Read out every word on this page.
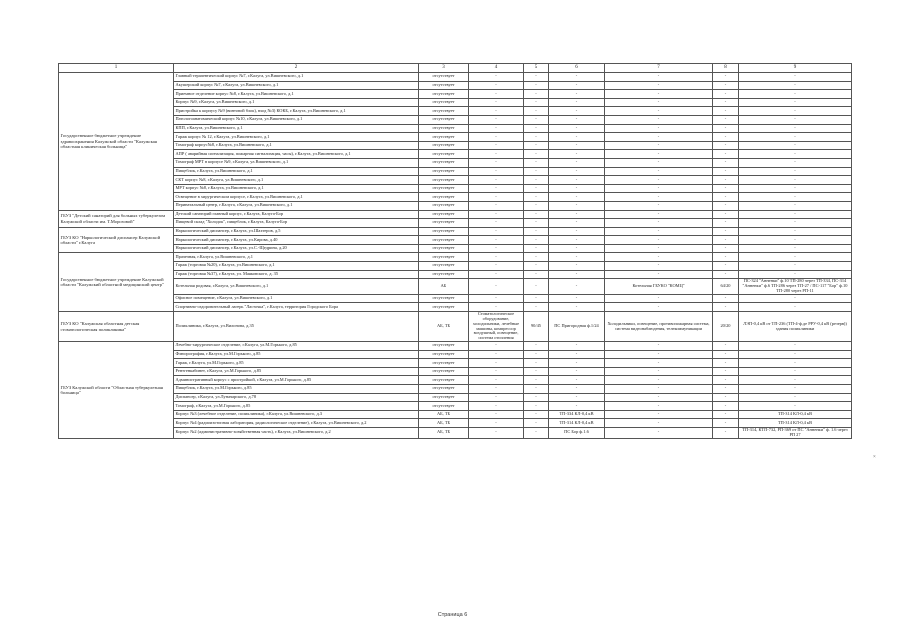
1	2	3	4	5	6	7	8	9
Государственное бюджетное учреждение здравоохранения Калужской области "Калужская областная клиническая больница"	Главный терапевтический корпус №7, г.Калуга, ул.Вишневского, д.1	отсутствует	-	-	-	-	-	-
	Акушерский корпус №7, г.Калуга, ул.Вишневского, д.1	отсутствует	-	-	-	-	-	-
	Приемное отделение корпус №8, г.Калуга, ул.Вишневского, д.1	отсутствует	-	-	-	-	-	-
	Корпус №9, г.Калуга, ул.Вишневского, д.1	отсутствует	-	-	-	-	-	-
	Пристройка к корпусу №9 (винтовой блок), вход №3) КОКБ, г.Калуга, ул.Вишневского, д.1	отсутствует	-	-	-	-	-	-
	Патологоанатомический корпус №10, г.Калуга, ул.Вишневского, д.1	отсутствует	-	-	-	-	-	-
	КПП, г.Калуга, ул.Вишневского, д.1	отсутствует	-	-	-	-	-	-
	Гараж корпус № 12, г.Калуга, ул.Вишневского, д.1	отсутствует	-	-	-	-	-	-
	Томограф корпус№8, г.Калуга, ул.Вишневского, д.1	отсутствует	-	-	-	-	-	-
	АПР ( аварийная сигнализация, пожарная сигнализация, часы), г.Калуга, ул.Вишневского, д.1	отсутствует	-	-	-	-	-	-
	Томограф МРТ в корпусе №9, г.Калуга, ул.Вишневского, д.1	отсутствует	-	-	-	-	-	-
	Пищеблок, г.Калуга, ул.Вишневского, д.1	отсутствует	-	-	-	-	-	-
	СКТ корпус №8, г.Калуга, ул.Вишневского, д.1	отсутствует	-	-	-	-	-	-
	МРТ корпус №8, г.Калуга, ул.Вишневского, д.1	отсутствует	-	-	-	-	-	-
	Освещение в хирургическом корпусе, г.Калуга, ул.Вишневского, д.1	отсутствует	-	-	-	-	-	-
	Перинатальный центр, г.Калуга, г.Калуга, ул.Вишневского, д.1	отсутствует	-	-	-	-	-	-
ГБУЗ "Детский санаторий для больных туберкулезом Калужской области им. Т.Морозовой"	Детский санаторий главный корпус, г.Калуга, Калуга-Бор	отсутствует	-	-	-	-	-	-
	Пищевой склад "Холодок", пищеблок, г.Калуга, Калуга-Бор	отсутствует	-	-	-	-	-	-
ГБУЗ КО "Наркологический диспансер Калужской области" г.Калуга	Наркологический диспансер, г.Калуга, ул.Шахтеров, д.5	отсутствует	-	-	-	-	-	-
	Наркологический диспансер, г.Калуга, ул.Кирова, д.40	отсутствует	-	-	-	-	-	-
	Наркологический диспансер, г.Калуга, ул.С.-Щедрина, д.20	отсутствует	-	-	-	-	-	-
Государственное бюджетное учреждение Калужской области "Калужский областной медицинский центр"	Прачечная, г.Калуга, ул.Вишневского, д.1	отсутствует	-	-	-	-	-	-
	Гараж (торговая №20), г.Калуга, ул.Вишневского, д.1	отсутствует	-	-	-	-	-	-
	Гараж (торговая №37), г.Калуга, ул. Маяковского, д. 35	отсутствует	-	-	-	-	-	-
	Котельная родовая, г.Калуга, ул.Вишневского, д.1	АБ	-	-	-	Котельная ГБУКО "КОМЦ"	64/20	ПС-324 "Анненки" ф.10 ТП-280 через ТП-334, ПС-314 "Анненки" ф.6 ТП-286 через ТП-27 / ПС-117 "Бор" ф.10 ТП-280 через РП-11
	Офисное помещение, г.Калуга, ул.Вишневского, д.1	отсутствует	-	-	-	-	-	-
	Спортивно-оздоровительный лагерь "Ласточка", г.Калуга, территория Городского Бора	отсутствует	-	-	-	-	-	-
ГБУЗ КО "Калужская областная детская стоматологическая поликлиника"	Поликлиника, г.Калуга, ул.Вилонова, д.35	АБ, ТБ	Стоматологическое оборудование, холодильники, лечебные машины, компрессор воздушный, освещение, система отопления	90/45	ПС Пригородная ф.1/24	Холодильники, освещение, противопожарная система, система видеонаблюдения, телекоммуникации	20/20	ЛЭП-0,4 кВ от ТП-236 (ТП-4-ф.де РРУ-0,4 кВ (резерв)) здания поликлиники
ГБУЗ Калужской области "Областная туберкулезная больница"	Лечебно-хирургическое отделение, г.Калуга, ул.М.Горького, д.85	отсутствует	-	-	-	-	-	-
	Флюорография, г.Калуга, ул.М.Горького, д.85	отсутствует	-	-	-	-	-	-
	Гараж, г.Калуга, ул.М.Горького, д.85	отсутствует	-	-	-	-	-	-
	Рентгенкабинет, г.Калуга, ул.М.Горького, д.85	отсутствует	-	-	-	-	-	-
	Административный корпус с пристройкой, г.Калуга, ул.М.Горького, д.85	отсутствует	-	-	-	-	-	-
	Пищеблок, г.Калуга, ул.М.Горького, д.85	отсутствует	-	-	-	-	-	-
	Диспансер, г.Калуга, ул.Луначарского, д.78	отсутствует	-	-	-	-	-	-
	Томограф, г.Калуга, ул.М.Горького, д.85	отсутствует	-	-	-	-	-	-
	Корпус №3 (лечебное отделение, поликлиника), г.Калуга, ул.Вишневского, д.3	АБ, ТБ	-	-	ТП-334 КЛ-0,4 кВ	-	-	ТП-314 КЛ-0,4 кВ
	Корпус №4 (радиоизотопная лаборатория, радиологическое отделение), г.Калуга, ул.Вишневского, д.2	АБ, ТБ	-	-	ТП-314 КЛ-0,4 кВ	-	-	ТП-314 КЛ-0,4 кВ
	Корпус №2 (административно-хозяйственная часть), г.Калуга, ул.Вишневского, д.2	АБ, ТБ	-	-	ПС Бор ф.1.6	-	-	ТП-314, КТП-732, РП-369 от ПС "Анненки" ф. 1.6 через РП 27
×
Страница 6
